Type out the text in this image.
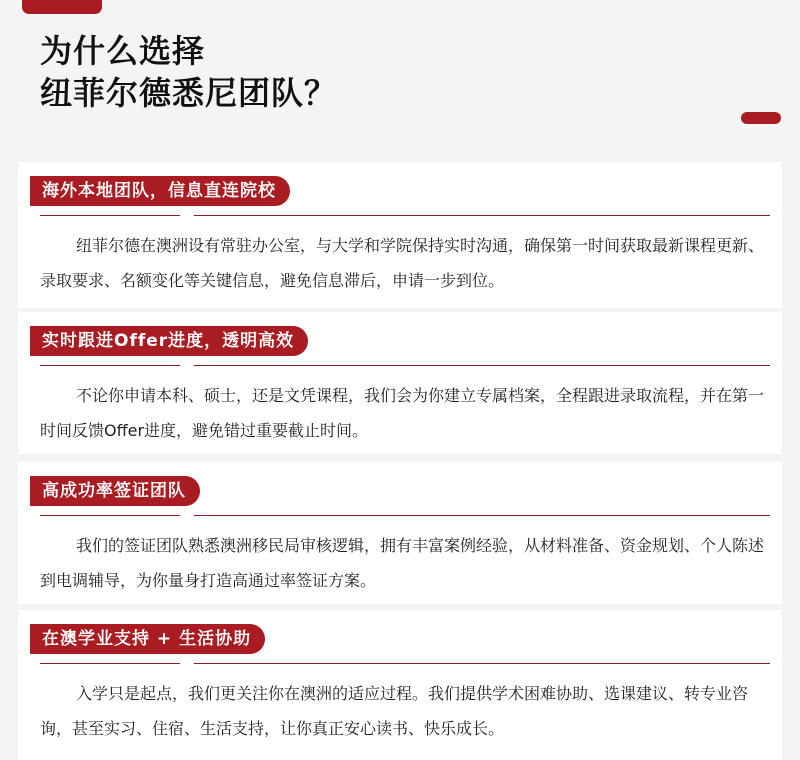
为什么选择
纽菲尔德悉尼团队？
海外本地团队，信息直连院校
纽菲尔德在澳洲设有常驻办公室，与大学和学院保持实时沟通，确保第一时间获取最新课程更新、录取要求、名额变化等关键信息，避免信息滞后，申请一步到位。
实时跟进Offer进度，透明高效
不论你申请本科、硕士，还是文凭课程，我们会为你建立专属档案，全程跟进录取流程，并在第一时间反馈Offer进度，避免错过重要截止时间。
高成功率签证团队
我们的签证团队熟悉澳洲移民局审核逻辑，拥有丰富案例经验，从材料准备、资金规划、个人陈述到电调辅导，为你量身打造高通过率签证方案。
在澳学业支持 + 生活协助
入学只是起点，我们更关注你在澳洲的适应过程。我们提供学术困难协助、选课建议、转专业咨询，甚至实习、住宿、生活支持，让你真正安心读书、快乐成长。
